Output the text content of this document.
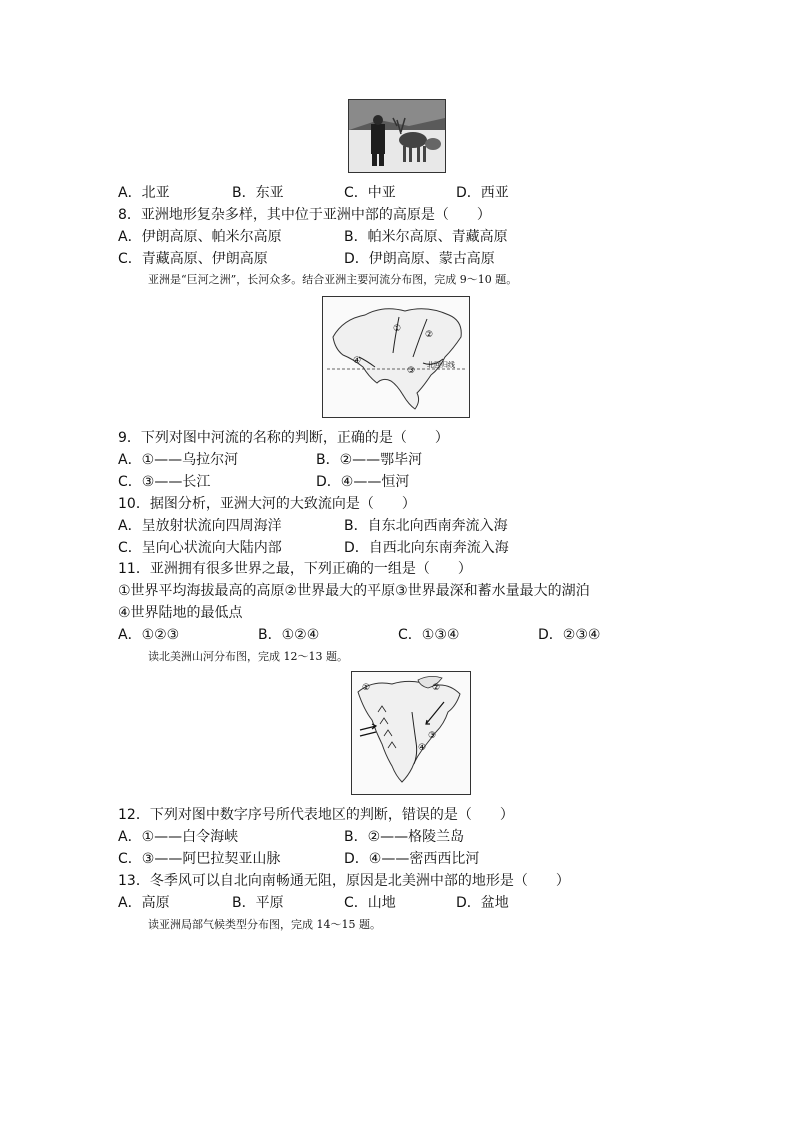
A．北亚	B．东亚	C．中亚	D．西亚
8．亚洲地形复杂多样，其中位于亚洲中部的高原是（　　）
A．伊朗高原、帕米尔高原	B．帕米尔高原、青藏高原
C．青藏高原、伊朗高原	D．伊朗高原、蒙古高原
亚洲是“巨河之洲”，长河众多。结合亚洲主要河流分布图，完成 9～10 题。
①
②
③
④	北回归线
9．下列对图中河流的名称的判断，正确的是（　　）
A．①——乌拉尔河	B．②——鄂毕河
C．③——长江	D．④——恒河
10．据图分析，亚洲大河的大致流向是（　　）
A．呈放射状流向四周海洋	B．自东北向西南奔流入海
C．呈向心状流向大陆内部	D．自西北向东南奔流入海
11．亚洲拥有很多世界之最，下列正确的一组是（　　）
①世界平均海拔最高的高原②世界最大的平原③世界最深和蓄水量最大的湖泊
④世界陆地的最低点
A．①②③	B．①②④	C．①③④	D．②③④
读北美洲山河分布图，完成 12～13 题。
①	②
③
④
12．下列对图中数字序号所代表地区的判断，错误的是（　　）
A．①——白令海峡	B．②——格陵兰岛
C．③——阿巴拉契亚山脉	D．④——密西西比河
13．冬季风可以自北向南畅通无阻，原因是北美洲中部的地形是（　　）
A．高原	B．平原	C．山地	D．盆地
读亚洲局部气候类型分布图，完成 14～15 题。
